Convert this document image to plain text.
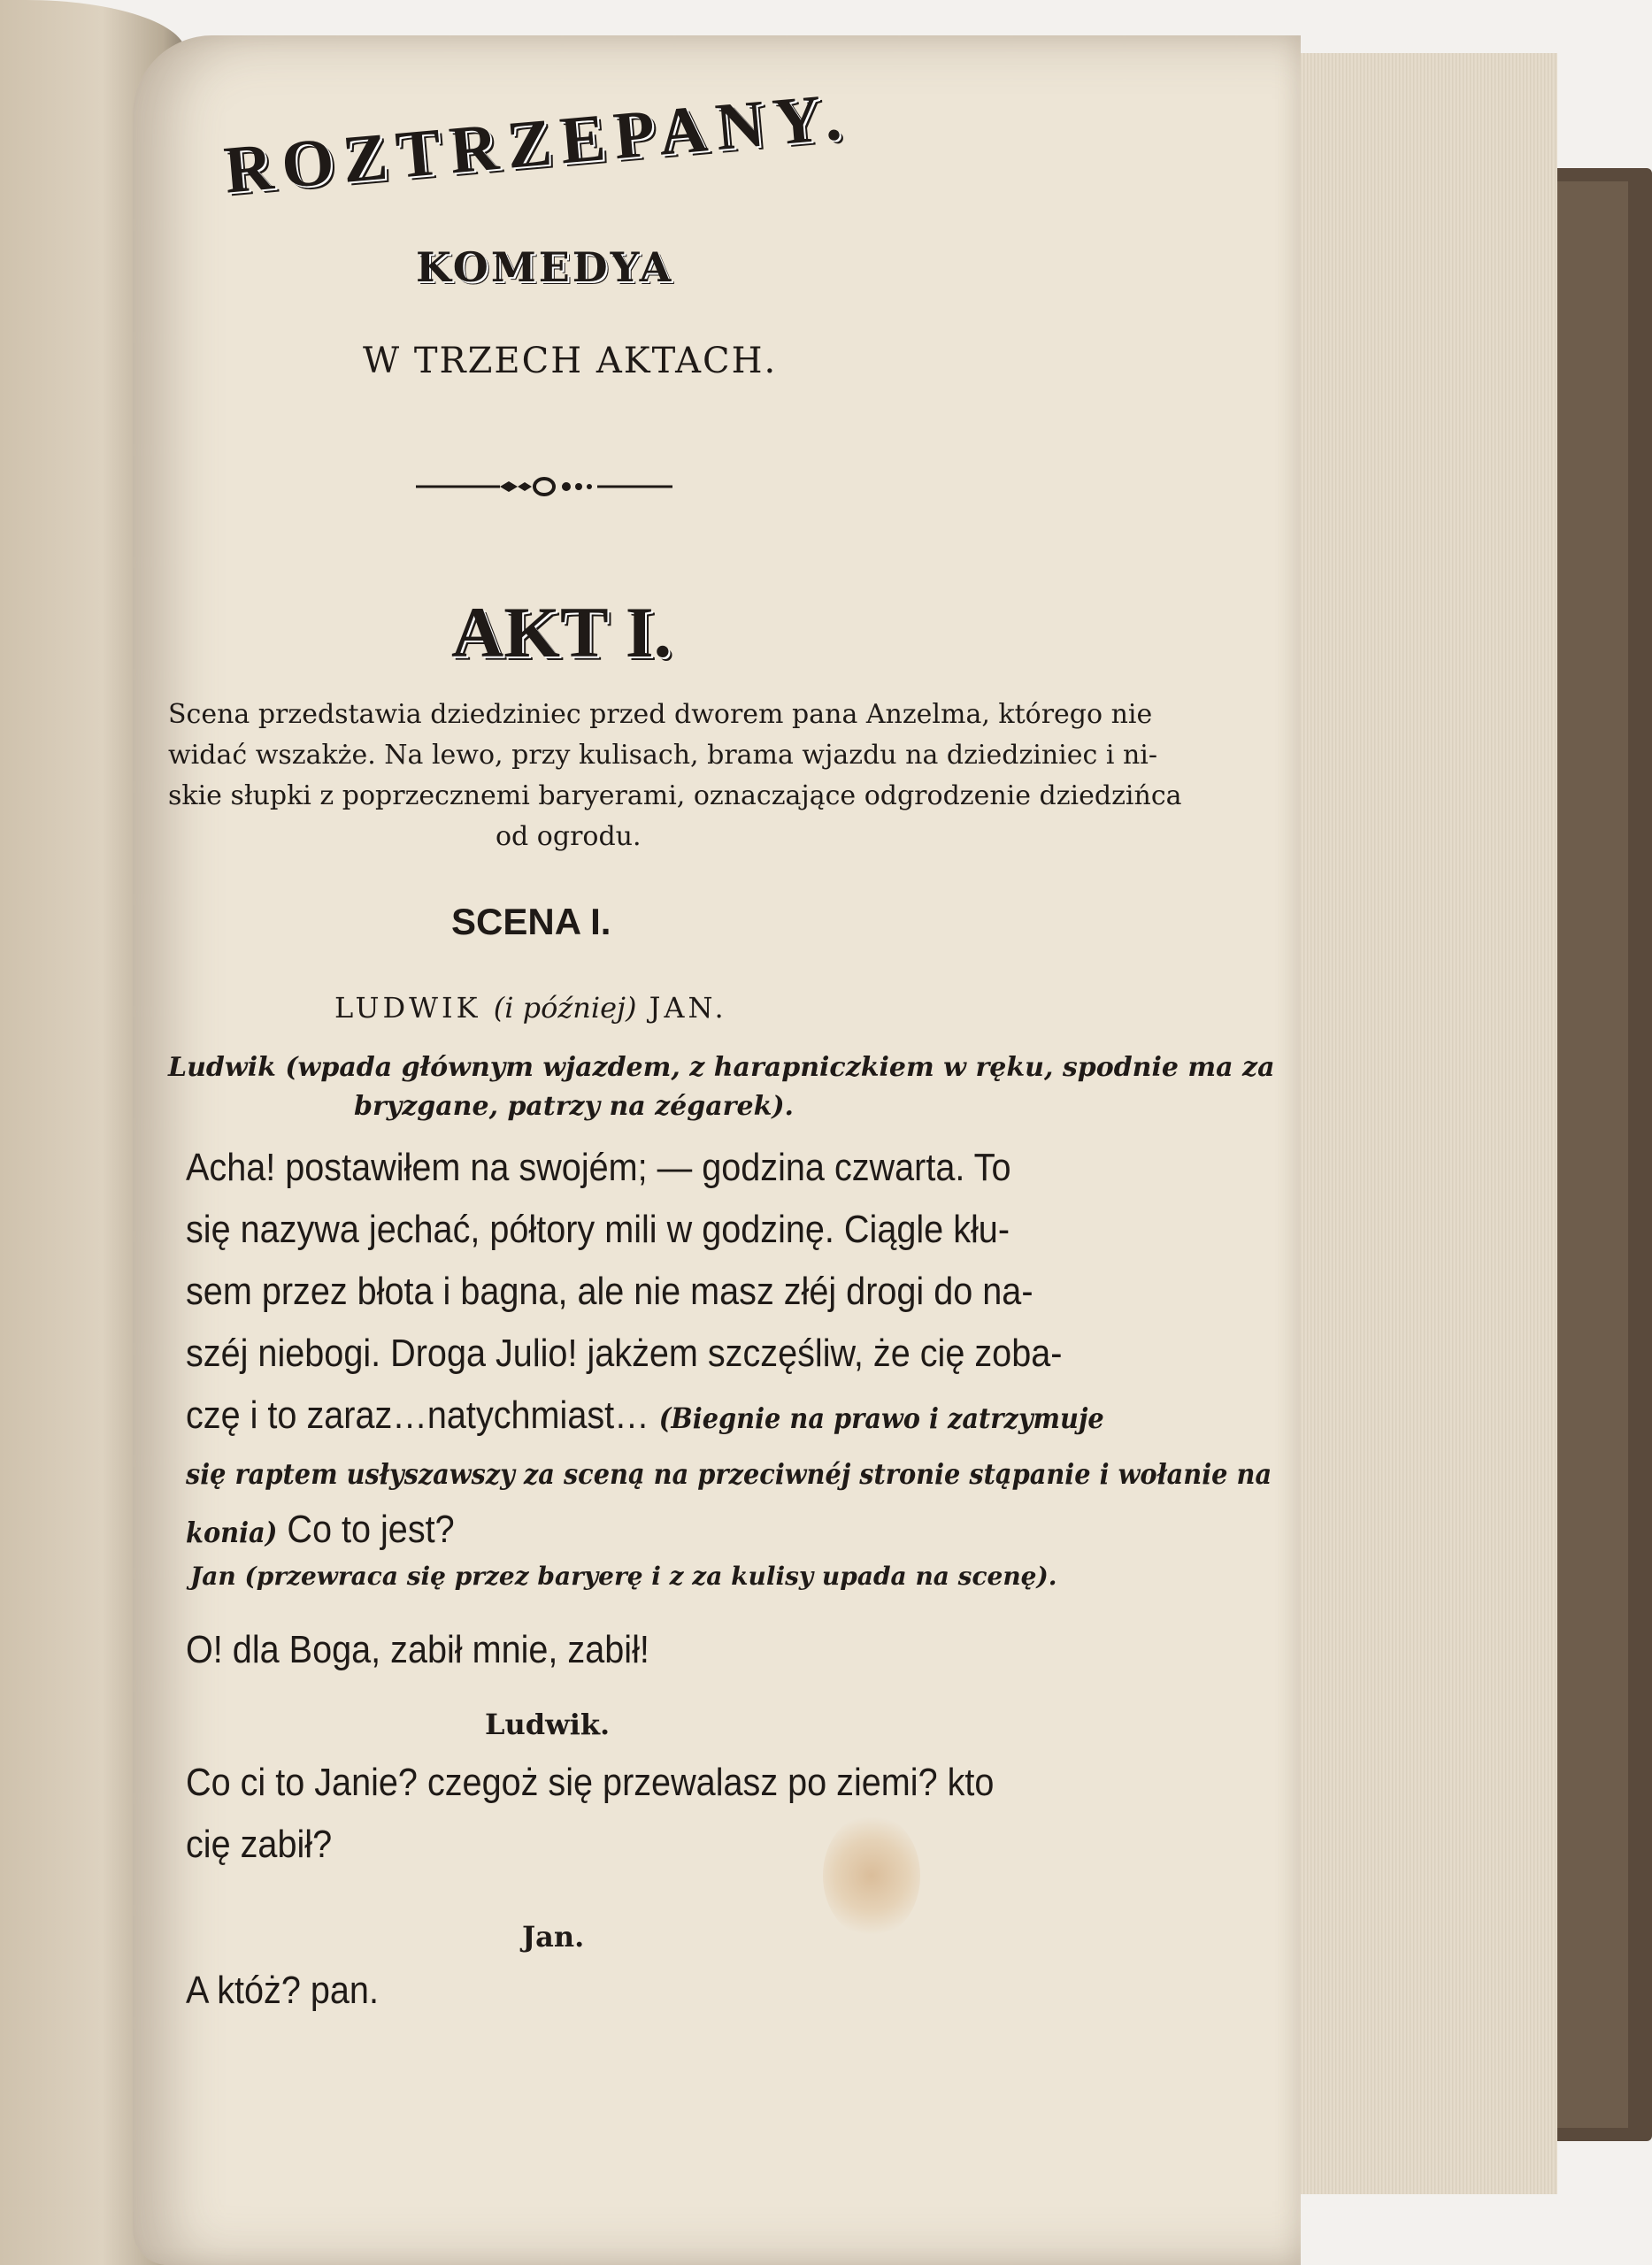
ROZTRZEPANY.
KOMEDYA
W TRZECH AKTACH.
AKT I.
Scena przedstawia dziedziniec przed dworem pana Anzelma, którego nie
widać wszakże. Na lewo, przy kulisach, brama wjazdu na dziedziniec i ni-
skie słupki z poprzecznemi baryerami, oznaczające odgrodzenie dziedzińca
od ogrodu.
SCENA I.
LUDWIK (i później) JAN.
Ludwik (wpada głównym wjazdem, z harapniczkiem w ręku, spodnie ma za
bryzgane, patrzy na zégarek).
Acha! postawiłem na swojém; — godzina czwarta. To
się nazywa jechać, półtory mili w godzinę. Ciągle kłu-
sem przez błota i bagna, ale nie masz złéj drogi do na-
széj niebogi. Droga Julio! jakżem szczęśliw, że cię zoba-
czę i to zaraz…natychmiast… (Biegnie na prawo i zatrzymuje
się raptem usłyszawszy za sceną na przeciwnéj stronie stąpanie i wołanie na
konia) Co to jest?
Jan (przewraca się przez baryerę i z za kulisy upada na scenę).
O! dla Boga, zabił mnie, zabił!
Ludwik.
Co ci to Janie? czegoż się przewalasz po ziemi? kto
cię zabił?
Jan.
A któż? pan.
